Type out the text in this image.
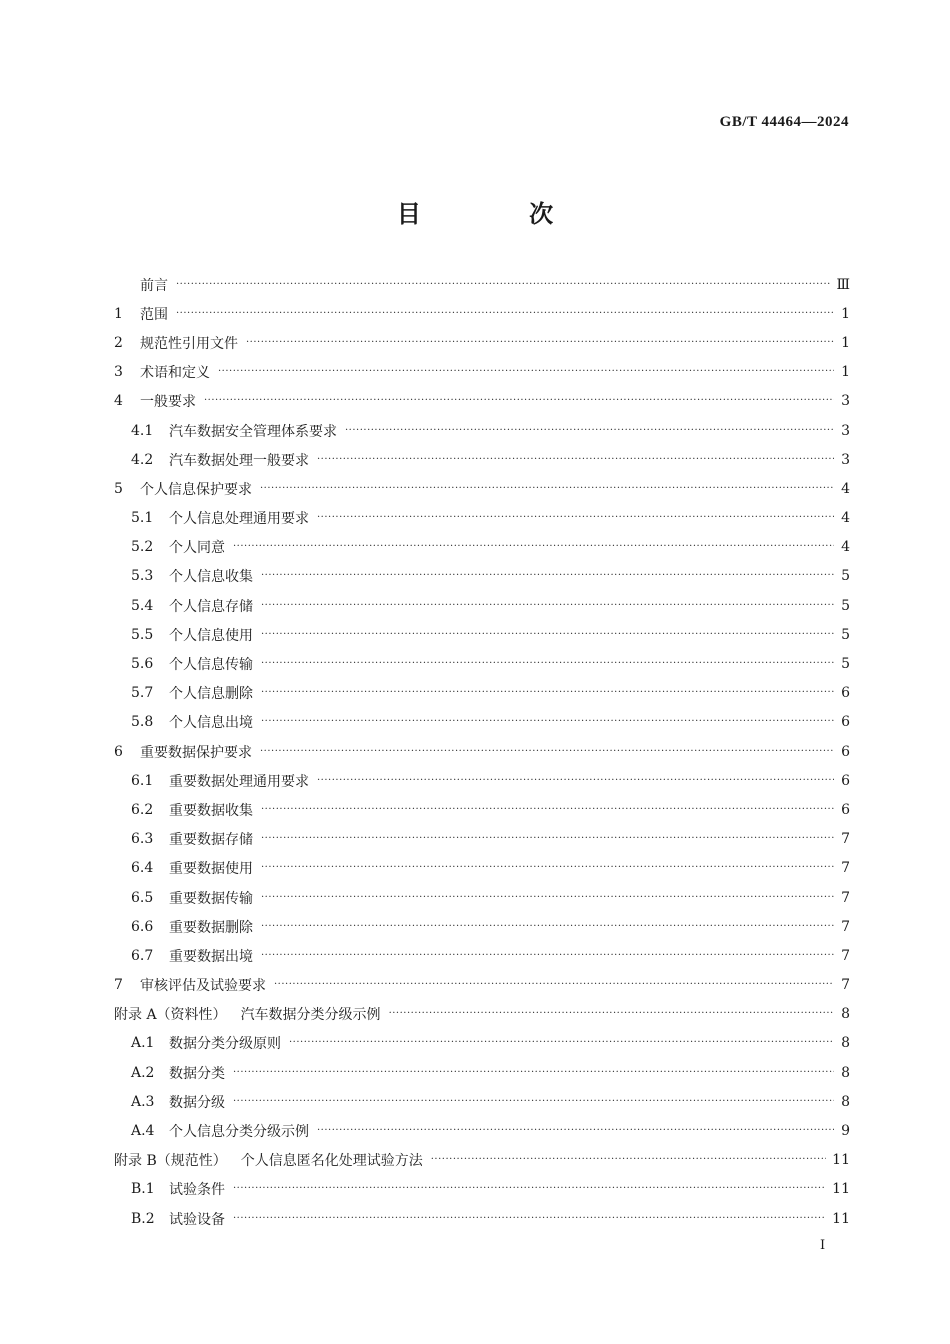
GB/T 44464—2024
目 次
前言 ·····	Ⅲ
1	范围 ·····	1
2	规范性引用文件 ·····	1
3	术语和定义 ·····	1
4	一般要求 ·····	3
4.1	汽车数据安全管理体系要求 ·····	3
4.2	汽车数据处理一般要求 ·····	3
5	个人信息保护要求 ·····	4
5.1	个人信息处理通用要求 ·····	4
5.2	个人同意 ·····	4
5.3	个人信息收集 ·····	5
5.4	个人信息存储 ·····	5
5.5	个人信息使用 ·····	5
5.6	个人信息传输 ·····	5
5.7	个人信息删除 ·····	6
5.8	个人信息出境 ·····	6
6	重要数据保护要求 ·····	6
6.1	重要数据处理通用要求 ·····	6
6.2	重要数据收集 ·····	6
6.3	重要数据存储 ·····	7
6.4	重要数据使用 ·····	7
6.5	重要数据传输 ·····	7
6.6	重要数据删除 ·····	7
6.7	重要数据出境 ·····	7
7	审核评估及试验要求 ·····	7
附录 A（资料性） 汽车数据分类分级示例 ·····	8
A.1	数据分类分级原则 ·····	8
A.2	数据分类 ·····	8
A.3	数据分级 ·····	8
A.4	个人信息分类分级示例 ·····	9
附录 B（规范性） 个人信息匿名化处理试验方法 ·····	11
B.1	试验条件 ·····	11
B.2	试验设备 ·····	11
I
